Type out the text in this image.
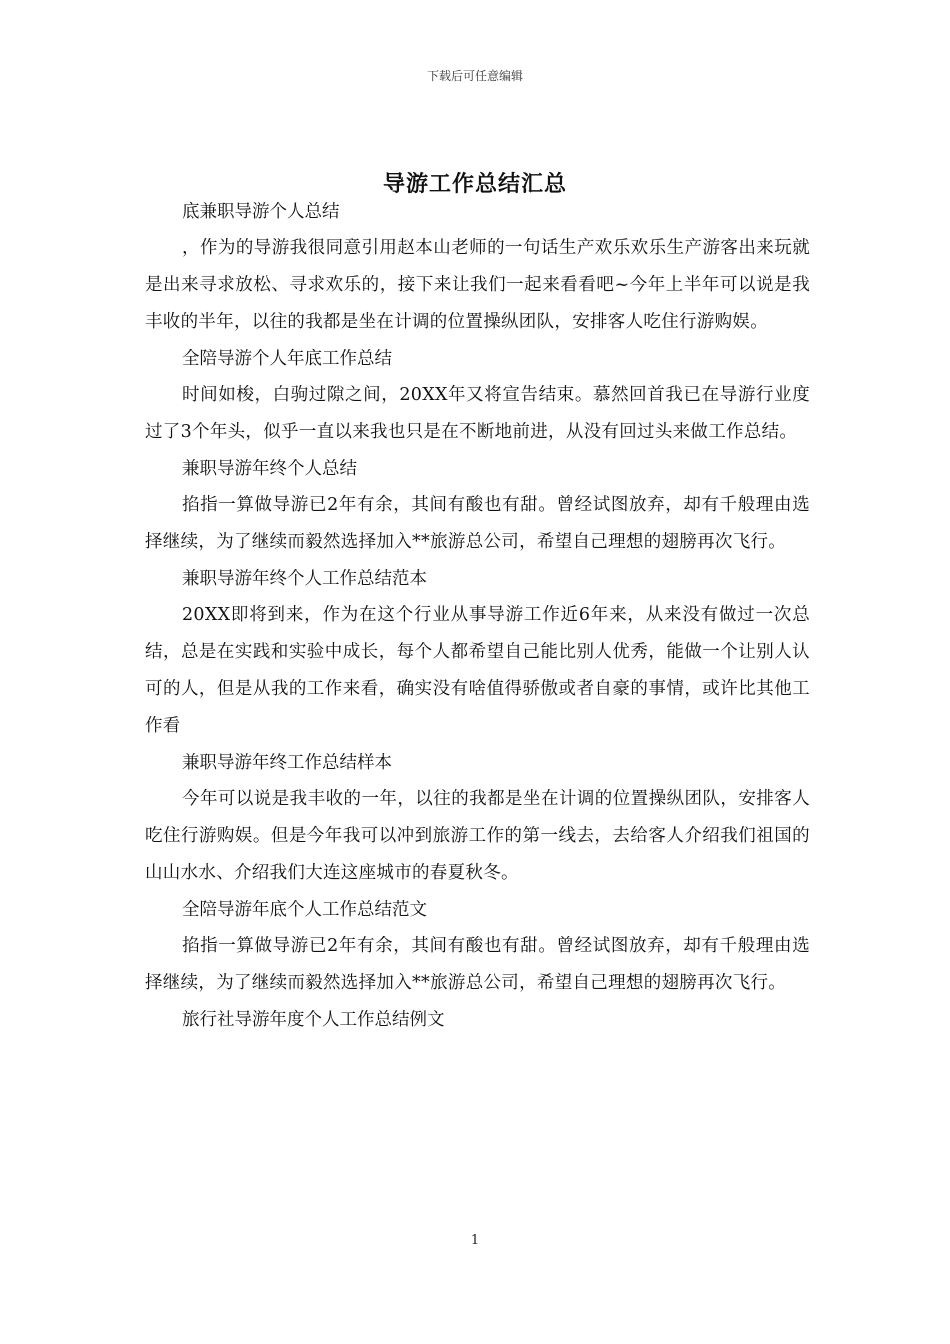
下载后可任意编辑
导游工作总结汇总

底兼职导游个人总结

，作为的导游我很同意引用赵本山老师的一句话生产欢乐欢乐生产游客出来玩就是出来寻求放松、寻求欢乐的，接下来让我们一起来看看吧~今年上半年可以说是我丰收的半年，以往的我都是坐在计调的位置操纵团队，安排客人吃住行游购娱。

全陪导游个人年底工作总结

时间如梭，白驹过隙之间，20XX年又将宣告结束。慕然回首我已在导游行业度过了3个年头，似乎一直以来我也只是在不断地前进，从没有回过头来做工作总结。

兼职导游年终个人总结

掐指一算做导游已2年有余，其间有酸也有甜。曾经试图放弃，却有千般理由选择继续，为了继续而毅然选择加入**旅游总公司，希望自己理想的翅膀再次飞行。

兼职导游年终个人工作总结范本

20XX即将到来，作为在这个行业从事导游工作近6年来，从来没有做过一次总结，总是在实践和实验中成长，每个人都希望自己能比别人优秀，能做一个让别人认可的人，但是从我的工作来看，确实没有啥值得骄傲或者自豪的事情，或许比其他工作看

兼职导游年终工作总结样本

今年可以说是我丰收的一年，以往的我都是坐在计调的位置操纵团队，安排客人吃住行游购娱。但是今年我可以冲到旅游工作的第一线去，去给客人介绍我们祖国的山山水水、介绍我们大连这座城市的春夏秋冬。

全陪导游年底个人工作总结范文

掐指一算做导游已2年有余，其间有酸也有甜。曾经试图放弃，却有千般理由选择继续，为了继续而毅然选择加入**旅游总公司，希望自己理想的翅膀再次飞行。

旅行社导游年度个人工作总结例文

1
